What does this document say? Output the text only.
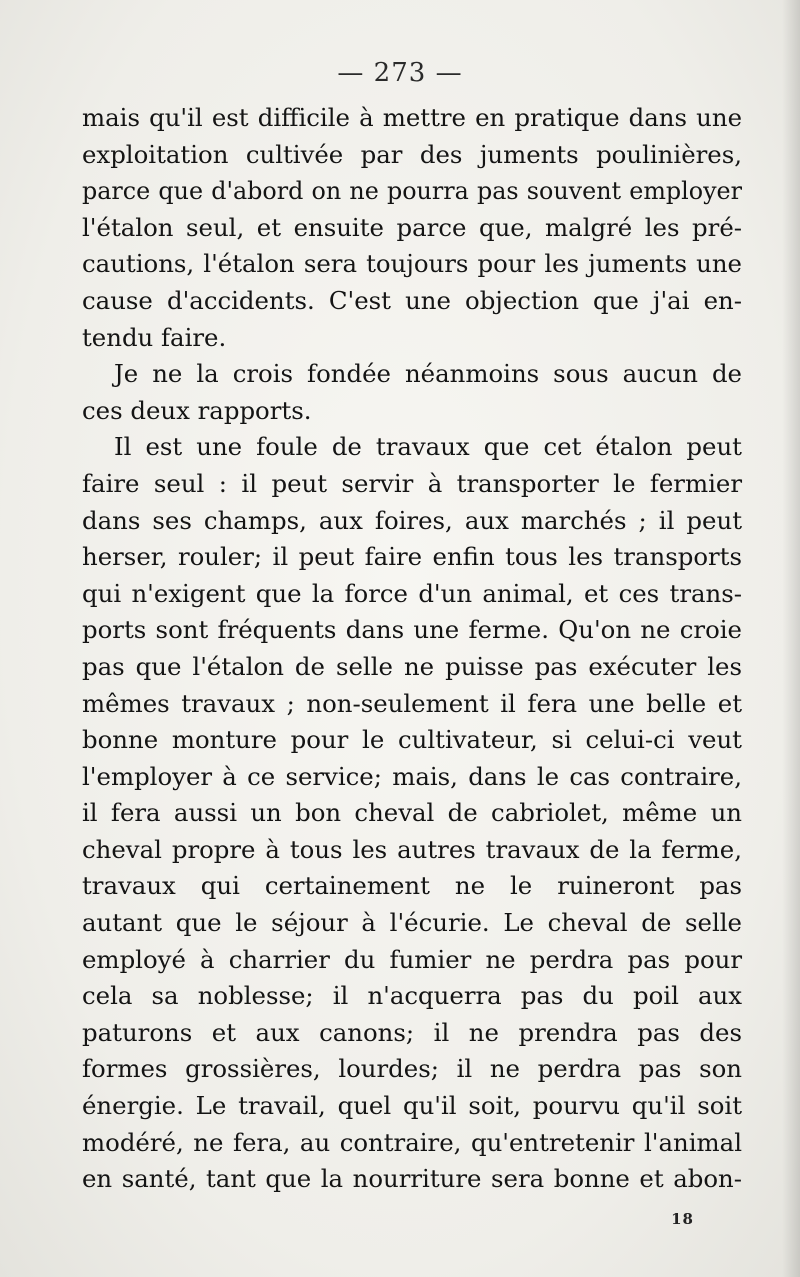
— 273 —
mais qu'il est difficile à mettre en pratique dans une
exploitation cultivée par des juments poulinières,
parce que d'abord on ne pourra pas souvent employer
l'étalon seul, et ensuite parce que, malgré les pré-
cautions, l'étalon sera toujours pour les juments une
cause d'accidents. C'est une objection que j'ai en-
tendu faire.
Je ne la crois fondée néanmoins sous aucun de
ces deux rapports.
Il est une foule de travaux que cet étalon peut
faire seul : il peut servir à transporter le fermier
dans ses champs, aux foires, aux marchés ; il peut
herser, rouler; il peut faire enfin tous les transports
qui n'exigent que la force d'un animal, et ces trans-
ports sont fréquents dans une ferme. Qu'on ne croie
pas que l'étalon de selle ne puisse pas exécuter les
mêmes travaux ; non-seulement il fera une belle et
bonne monture pour le cultivateur, si celui-ci veut
l'employer à ce service; mais, dans le cas contraire,
il fera aussi un bon cheval de cabriolet, même un
cheval propre à tous les autres travaux de la ferme,
travaux qui certainement ne le ruineront pas
autant que le séjour à l'écurie. Le cheval de selle
employé à charrier du fumier ne perdra pas pour
cela sa noblesse; il n'acquerra pas du poil aux
paturons et aux canons; il ne prendra pas des
formes grossières, lourdes; il ne perdra pas son
énergie. Le travail, quel qu'il soit, pourvu qu'il soit
modéré, ne fera, au contraire, qu'entretenir l'animal
en santé, tant que la nourriture sera bonne et abon-
18
